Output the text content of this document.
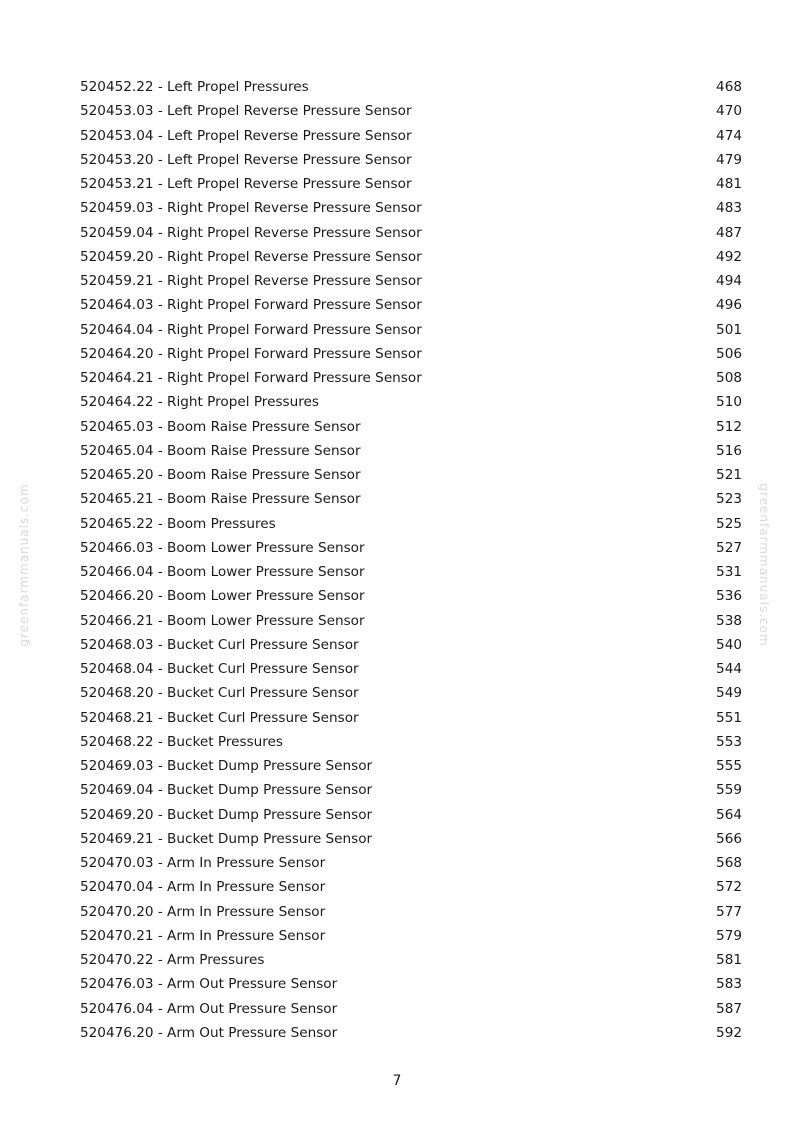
greenfarmmanuals.com	greenfarmmanuals.com
520452.22 - Left Propel Pressures	468
520453.03 - Left Propel Reverse Pressure Sensor	470
520453.04 - Left Propel Reverse Pressure Sensor	474
520453.20 - Left Propel Reverse Pressure Sensor	479
520453.21 - Left Propel Reverse Pressure Sensor	481
520459.03 - Right Propel Reverse Pressure Sensor	483
520459.04 - Right Propel Reverse Pressure Sensor	487
520459.20 - Right Propel Reverse Pressure Sensor	492
520459.21 - Right Propel Reverse Pressure Sensor	494
520464.03 - Right Propel Forward Pressure Sensor	496
520464.04 - Right Propel Forward Pressure Sensor	501
520464.20 - Right Propel Forward Pressure Sensor	506
520464.21 - Right Propel Forward Pressure Sensor	508
520464.22 - Right Propel Pressures	510
520465.03 - Boom Raise Pressure Sensor	512
520465.04 - Boom Raise Pressure Sensor	516
520465.20 - Boom Raise Pressure Sensor	521
520465.21 - Boom Raise Pressure Sensor	523
520465.22 - Boom Pressures	525
520466.03 - Boom Lower Pressure Sensor	527
520466.04 - Boom Lower Pressure Sensor	531
520466.20 - Boom Lower Pressure Sensor	536
520466.21 - Boom Lower Pressure Sensor	538
520468.03 - Bucket Curl Pressure Sensor	540
520468.04 - Bucket Curl Pressure Sensor	544
520468.20 - Bucket Curl Pressure Sensor	549
520468.21 - Bucket Curl Pressure Sensor	551
520468.22 - Bucket Pressures	553
520469.03 - Bucket Dump Pressure Sensor	555
520469.04 - Bucket Dump Pressure Sensor	559
520469.20 - Bucket Dump Pressure Sensor	564
520469.21 - Bucket Dump Pressure Sensor	566
520470.03 - Arm In Pressure Sensor	568
520470.04 - Arm In Pressure Sensor	572
520470.20 - Arm In Pressure Sensor	577
520470.21 - Arm In Pressure Sensor	579
520470.22 - Arm Pressures	581
520476.03 - Arm Out Pressure Sensor	583
520476.04 - Arm Out Pressure Sensor	587
520476.20 - Arm Out Pressure Sensor	592
7
